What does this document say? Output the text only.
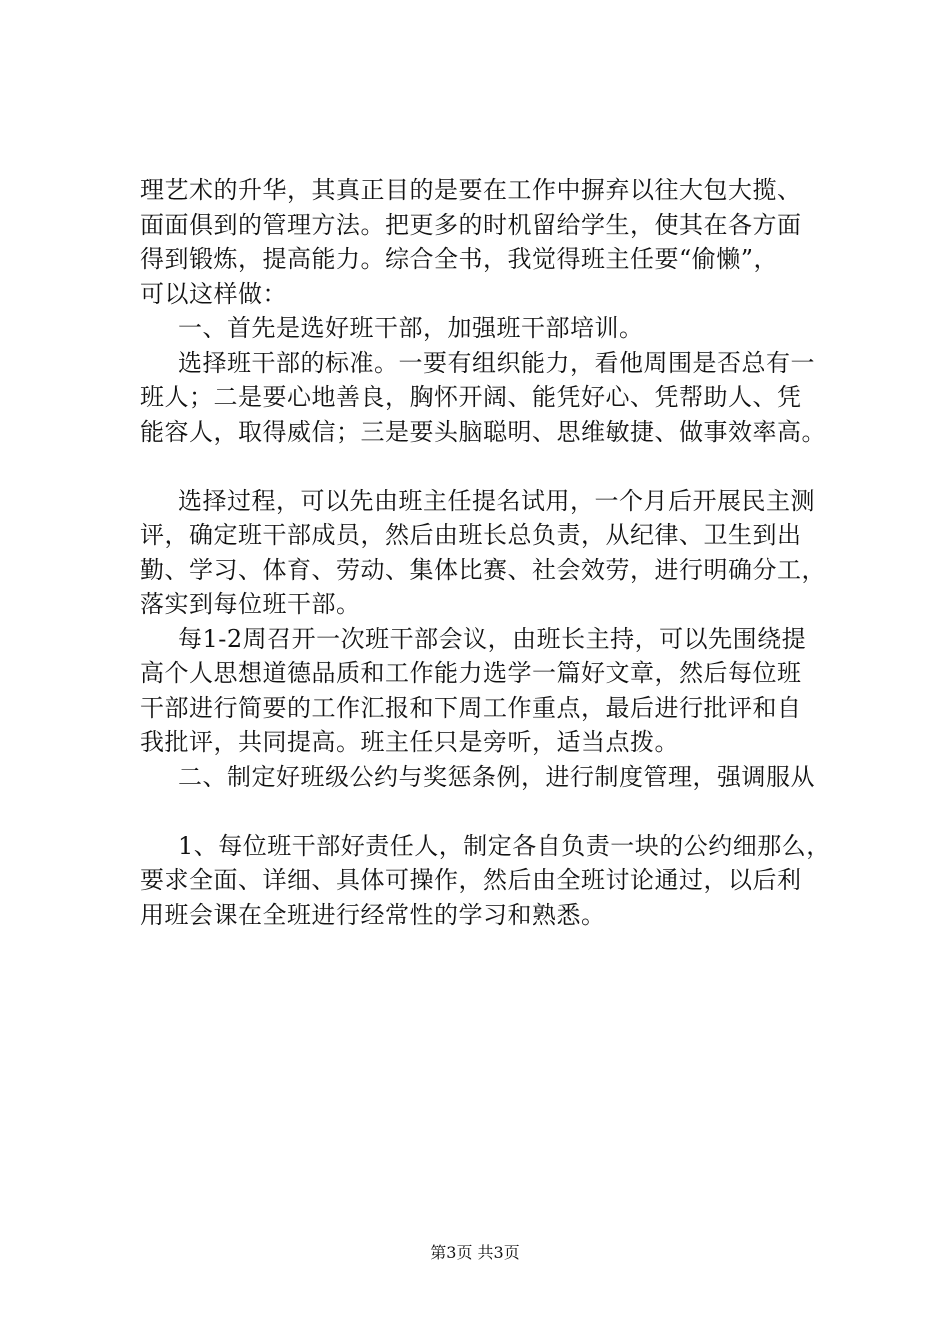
理艺术的升华，其真正目的是要在工作中摒弃以往大包大揽、
面面俱到的管理方法。把更多的时机留给学生，使其在各方面
得到锻炼，提高能力。综合全书，我觉得班主任要“偷懒”，
可以这样做：
一、首先是选好班干部，加强班干部培训。
选择班干部的标准。一要有组织能力，看他周围是否总有一
班人；二是要心地善良，胸怀开阔、能凭好心、凭帮助人、凭
能容人，取得威信；三是要头脑聪明、思维敏捷、做事效率高。
选择过程，可以先由班主任提名试用，一个月后开展民主测
评，确定班干部成员，然后由班长总负责，从纪律、卫生到出
勤、学习、体育、劳动、集体比赛、社会效劳，进行明确分工，
落实到每位班干部。
每1-2周召开一次班干部会议，由班长主持，可以先围绕提
高个人思想道德品质和工作能力选学一篇好文章，然后每位班
干部进行简要的工作汇报和下周工作重点，最后进行批评和自
我批评，共同提高。班主任只是旁听，适当点拨。
二、制定好班级公约与奖惩条例，进行制度管理，强调服从
1、每位班干部好责任人，制定各自负责一块的公约细那么，
要求全面、详细、具体可操作，然后由全班讨论通过，以后利
用班会课在全班进行经常性的学习和熟悉。
第3页 共3页
